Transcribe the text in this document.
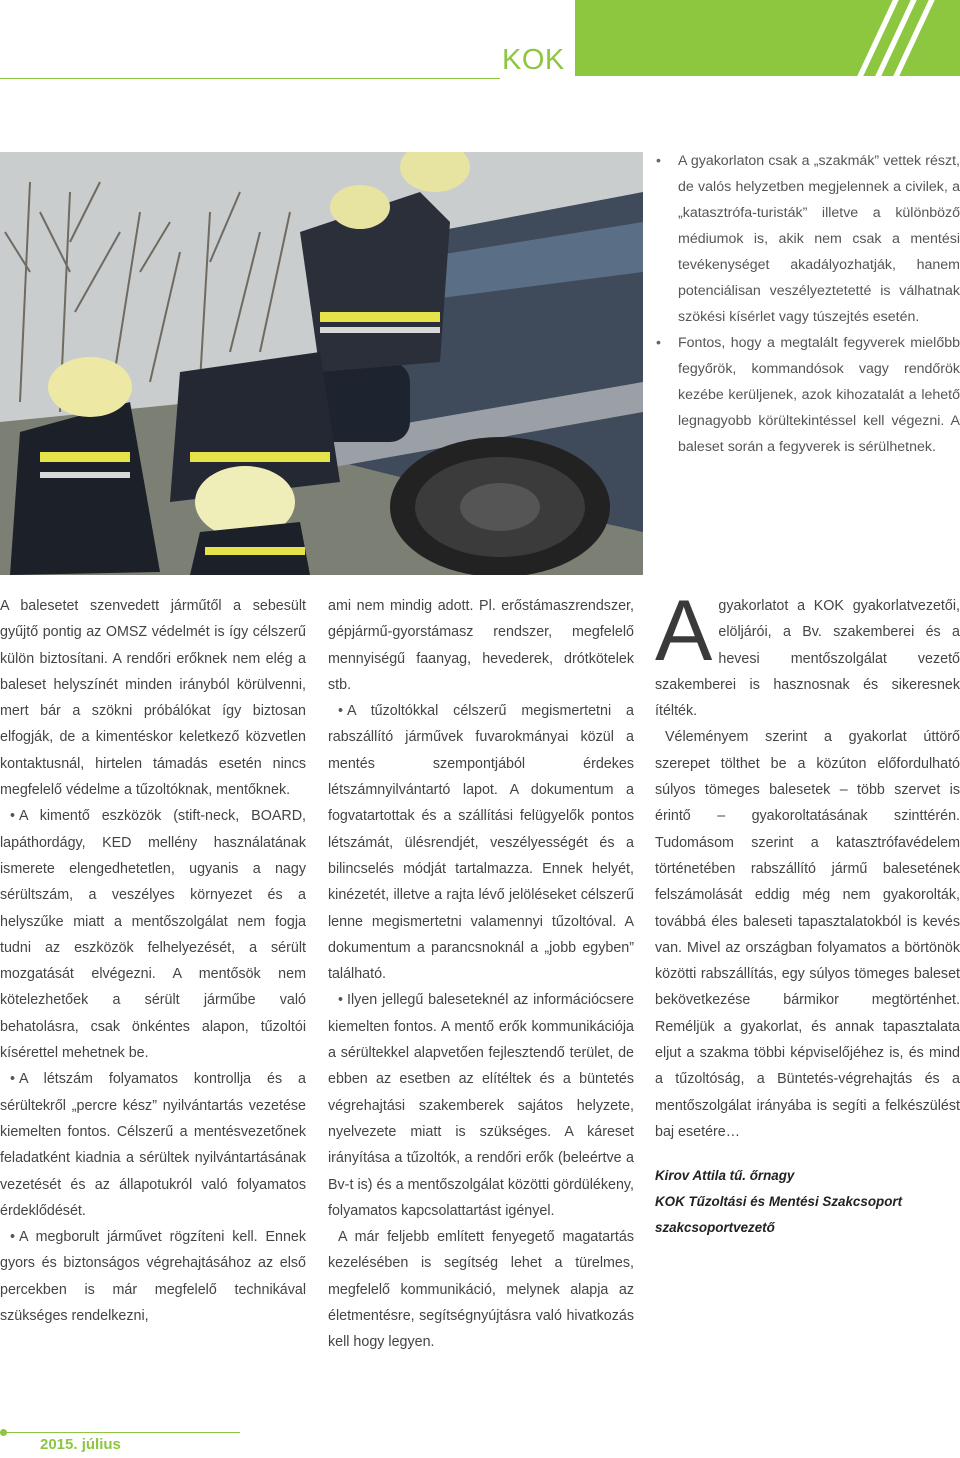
KOK HÍRADÓ

• A gyakorlaton csak a „szakmák” vettek részt, de valós helyzetben megjelennek a civilek, a „katasztrófa-turisták” illetve a különböző médiumok is, akik nem csak a mentési tevékenységet akadályozhatják, hanem potenciálisan veszélyeztetetté is válhatnak szökési kísérlet vagy túszejtés esetén.

• Fontos, hogy a megtalált fegyverek mielőbb fegyőrök, kommandósok vagy rendőrök kezébe kerüljenek, azok kihozatalát a lehető legnagyobb körültekintéssel kell végezni. A baleset során a fegyverek is sérülhetnek.

A balesetet szenvedett járműtől a sebesült gyűjtő pontig az OMSZ védelmét is így célszerű külön biztosítani. A rendőri erőknek nem elég a baleset helyszínét minden irányból körülvenni, mert bár a szökni próbálókat így biztosan elfogják, de a kimentéskor keletkező közvetlen kontaktusnál, hirtelen támadás esetén nincs megfelelő védelme a tűzoltóknak, mentőknek.

• A kimentő eszközök (stift-neck, BOARD, lapáthordágy, KED mellény használatának ismerete elengedhetetlen, ugyanis a nagy sérültszám, a veszélyes környezet és a helyszűke miatt a mentőszolgálat nem fogja tudni az eszközök felhelyezését, a sérült mozgatását elvégezni. A mentősök nem kötelezhetőek a sérült járműbe való behatolásra, csak önkéntes alapon, tűzoltói kísérettel mehetnek be.

• A létszám folyamatos kontrollja és a sérültekről „percre kész” nyilvántartás vezetése kiemelten fontos. Célszerű a mentésvezetőnek feladatként kiadnia a sérültek nyilvántartásának vezetését és az állapotukról való folyamatos érdeklődését.

• A megborult járművet rögzíteni kell. Ennek gyors és biztonságos végrehajtásához az első percekben is már megfelelő technikával szükséges rendelkezni,

ami nem mindig adott. Pl. erőstámaszrendszer, gépjármű-gyorstámasz rendszer, megfelelő mennyiségű faanyag, hevederek, drótkötelek stb.

• A tűzoltókkal célszerű megismertetni a rabszállító járművek fuvarokmányai közül a mentés szempontjából érdekes létszámnyilvántartó lapot. A dokumentum a fogvatartottak és a szállítási felügyelők pontos létszámát, ülésrendjét, veszélyességét és a bilincselés módját tartalmazza. Ennek helyét, kinézetét, illetve a rajta lévő jelöléseket célszerű lenne megismertetni valamennyi tűzoltóval. A dokumentum a parancsnoknál a „jobb egyben” található.

• Ilyen jellegű baleseteknél az információcsere kiemelten fontos. A mentő erők kommunikációja a sérültekkel alapvetően fejlesztendő terület, de ebben az esetben az elítéltek és a büntetés végrehajtási szakemberek sajátos helyzete, nyelvezete miatt is szükséges. A káreset irányítása a tűzoltók, a rendőri erők (beleértve a Bv-t is) és a mentőszolgálat közötti gördülékeny, folyamatos kapcsolattartást igényel.

A már feljebb említett fenyegető magatartás kezelésében is segítség lehet a türelmes, megfelelő kommunikáció, melynek alapja az életmentésre, segítségnyújtásra való hivatkozás kell hogy legyen.

Agyakorlatot a KOK gyakorlatvezetői, elöljárói, a Bv. szakemberei és a hevesi mentőszolgálat vezető szakemberei is hasznosnak és sikeresnek ítélték.

Véleményem szerint a gyakorlat úttörő szerepet tölthet be a közúton előfordulható súlyos tömeges balesetek – több szervet is érintő – gyakoroltatásának szinttérén. Tudomásom szerint a katasztrófavédelem történetében rabszállító jármű balesetének felszámolását eddig még nem gyakorolták, továbbá éles baleseti tapasztalatokból is kevés van. Mivel az országban folyamatos a börtönök közötti rabszállítás, egy súlyos tömeges baleset bekövetkezése bármikor megtörténhet. Reméljük a gyakorlat, és annak tapasztalata eljut a szakma többi képviselőjéhez is, és mind a tűzoltóság, a Büntetés-végrehajtás és a mentőszolgálat irányába is segíti a felkészülést baj esetére…

Kirov Attila tű. őrnagy
KOK Tűzoltási és Mentési Szakcsoport
szakcsoportvezető
2015. július
